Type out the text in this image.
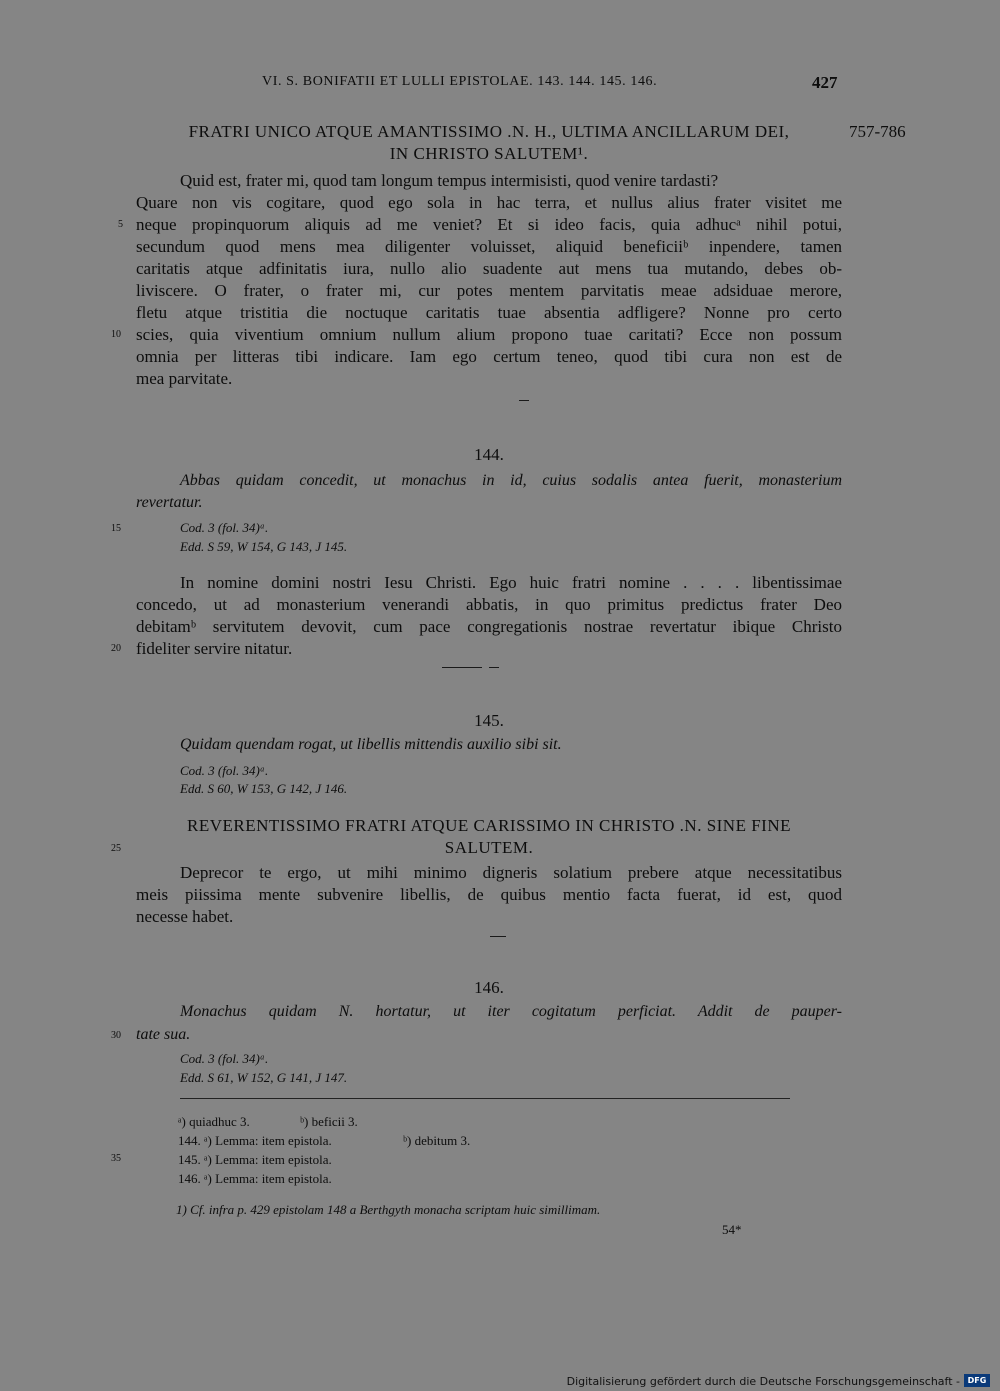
VI. S. BONIFATII ET LULLI EPISTOLAE. 143. 144. 145. 146.	427
FRATRI UNICO ATQUE AMANTISSIMO .N. H., ULTIMA ANCILLARUM DEI,	757-786
IN CHRISTO SALUTEM¹.
Quid est, frater mi, quod tam longum tempus intermisisti, quod venire tardasti?
Quare non vis cogitare, quod ego sola in hac terra, et nullus alius frater visitet me
neque propinquorum aliquis ad me veniet? Et si ideo facis, quia adhucᵃ nihil potui,
secundum quod mens mea diligenter voluisset, aliquid beneficiiᵇ inpendere, tamen
caritatis atque adfinitatis iura, nullo alio suadente aut mens tua mutando, debes ob-
liviscere. O frater, o frater mi, cur potes mentem parvitatis meae adsiduae merore,
fletu atque tristitia die noctuque caritatis tuae absentia adfligere? Nonne pro certo
scies, quia viventium omnium nullum alium propono tuae caritati? Ecce non possum
omnia per litteras tibi indicare. Iam ego certum teneo, quod tibi cura non est de
mea parvitate.
144.
Abbas quidam concedit, ut monachus in id, cuius sodalis antea fuerit, monasterium
revertatur.
Cod. 3 (fol. 34)ᵃ.
Edd. S 59, W 154, G 143, J 145.
In nomine domini nostri Iesu Christi. Ego huic fratri nomine . . . . libentissimae
concedo, ut ad monasterium venerandi abbatis, in quo primitus predictus frater Deo
debitamᵇ servitutem devovit, cum pace congregationis nostrae revertatur ibique Christo
fideliter servire nitatur.
145.
Quidam quendam rogat, ut libellis mittendis auxilio sibi sit.
Cod. 3 (fol. 34)ᵃ.
Edd. S 60, W 153, G 142, J 146.
REVERENTISSIMO FRATRI ATQUE CARISSIMO IN CHRISTO .N. SINE FINE
SALUTEM.
Deprecor te ergo, ut mihi minimo digneris solatium prebere atque necessitatibus
meis piissima mente subvenire libellis, de quibus mentio facta fuerat, id est, quod
necesse habet.
146.
Monachus quidam N. hortatur, ut iter cogitatum perficiat. Addit de pauper-
tate sua.
Cod. 3 (fol. 34)ᵃ.
Edd. S 61, W 152, G 141, J 147.
ᵃ) quiadhuc 3.	ᵇ) beficii 3.
144. ᵃ) Lemma: item epistola.	ᵇ) debitum 3.
145. ᵃ) Lemma: item epistola.
146. ᵃ) Lemma: item epistola.
1) Cf. infra p. 429 epistolam 148 a Berthgyth monacha scriptam huic simillimam.
54*
5
10
15
20
25
30
35
Digitalisierung gefördert durch die Deutsche Forschungsgemeinschaft - DFG
